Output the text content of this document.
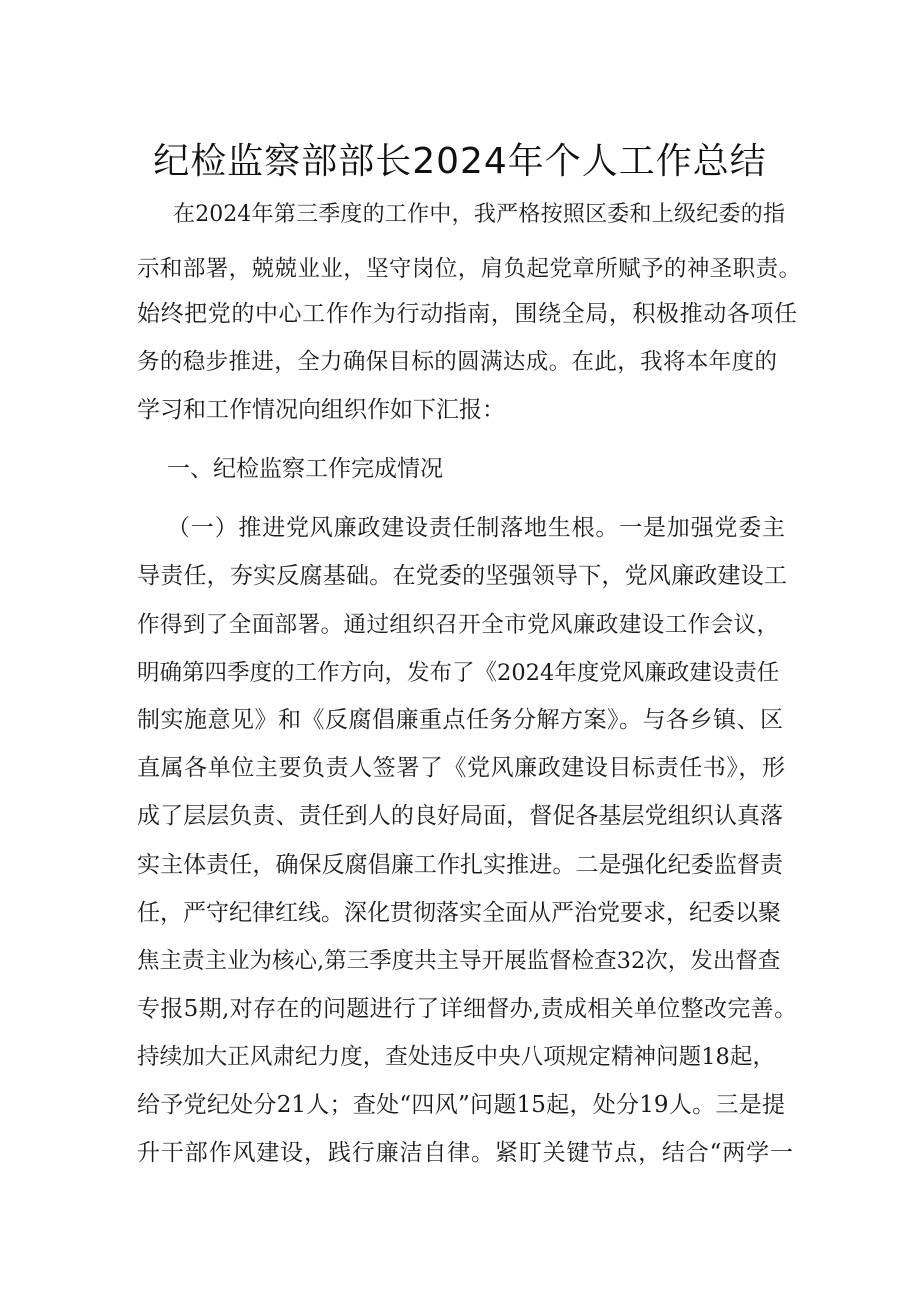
纪检监察部部长2024年个人工作总结
在2024年第三季度的工作中，我严格按照区委和上级纪委的指
示和部署，兢兢业业，坚守岗位，肩负起党章所赋予的神圣职责。
始终把党的中心工作作为行动指南，围绕全局，积极推动各项任
务的稳步推进，全力确保目标的圆满达成。在此，我将本年度的
学习和工作情况向组织作如下汇报：
一、纪检监察工作完成情况
（一）推进党风廉政建设责任制落地生根。一是加强党委主
导责任，夯实反腐基础。在党委的坚强领导下，党风廉政建设工
作得到了全面部署。通过组织召开全市党风廉政建设工作会议，
明确第四季度的工作方向，发布了《2024年度党风廉政建设责任
制实施意见》和《反腐倡廉重点任务分解方案》。与各乡镇、区
直属各单位主要负责人签署了《党风廉政建设目标责任书》，形
成了层层负责、责任到人的良好局面，督促各基层党组织认真落
实主体责任，确保反腐倡廉工作扎实推进。二是强化纪委监督责
任，严守纪律红线。深化贯彻落实全面从严治党要求，纪委以聚
焦主责主业为核心,第三季度共主导开展监督检查32次，发出督查
专报5期,对存在的问题进行了详细督办,责成相关单位整改完善。
持续加大正风肃纪力度，查处违反中央八项规定精神问题18起，
给予党纪处分21人；查处“四风”问题15起，处分19人。三是提
升干部作风建设，践行廉洁自律。紧盯关键节点，结合“两学一
